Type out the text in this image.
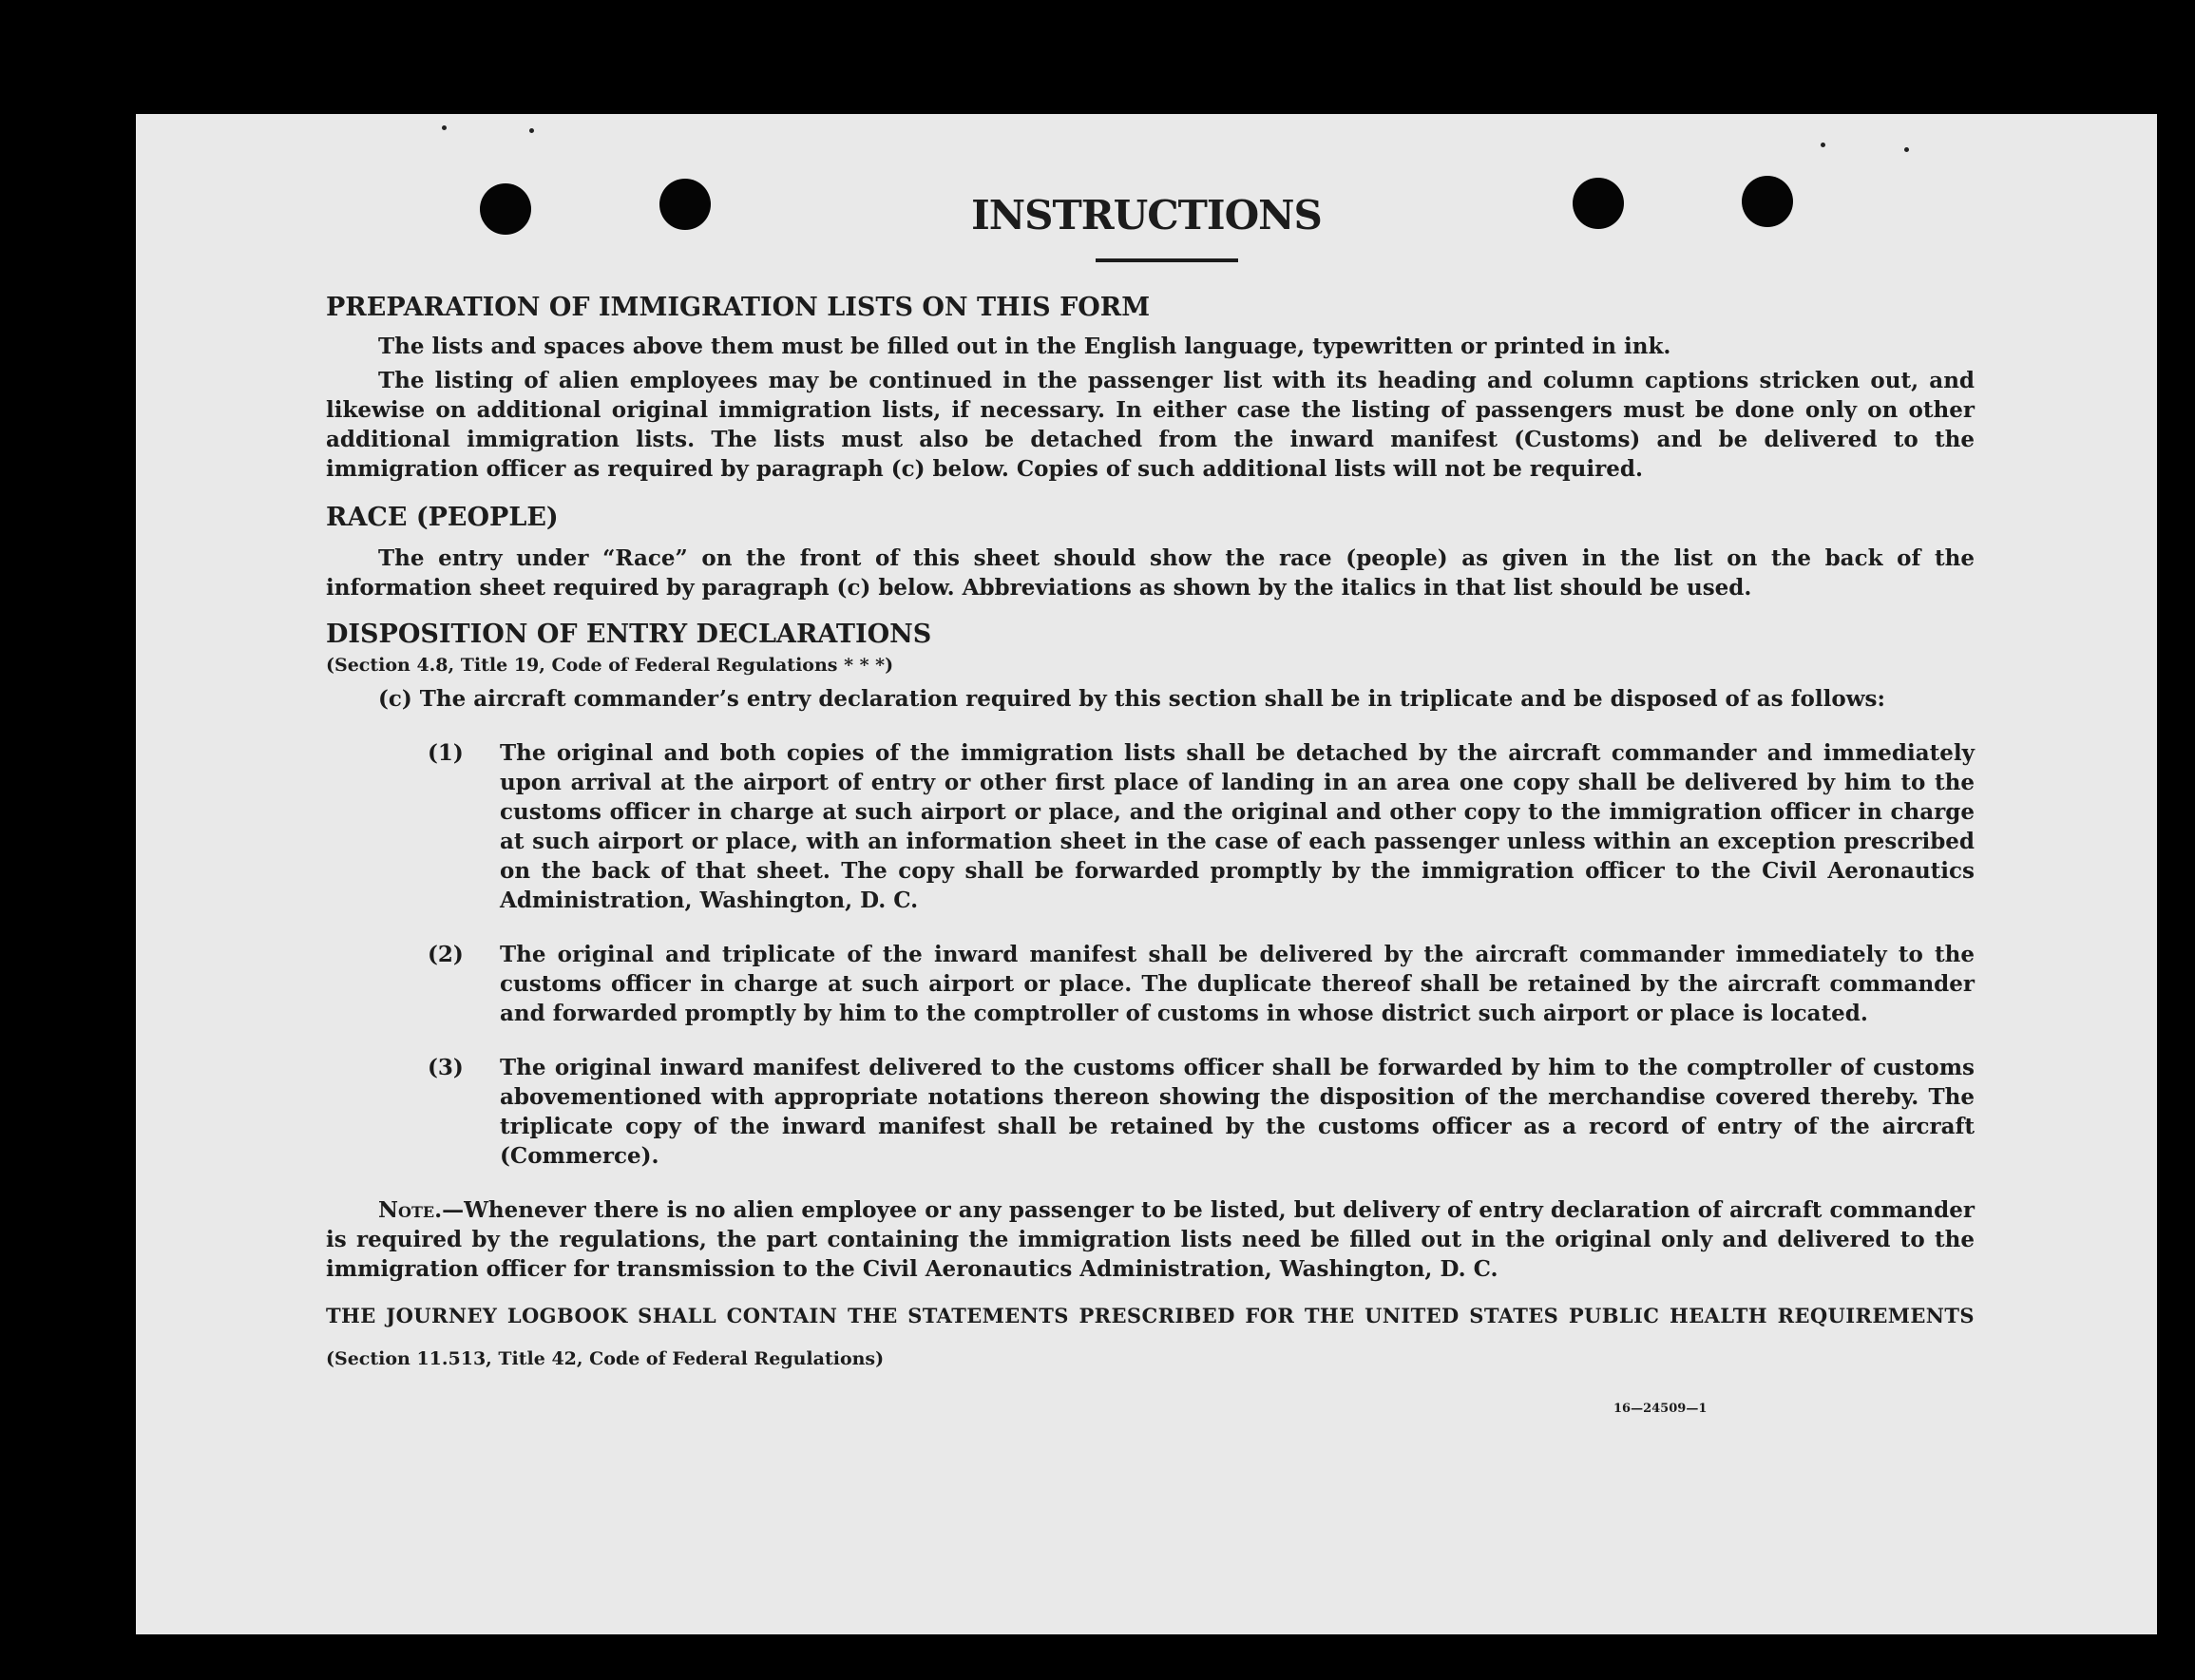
INSTRUCTIONS

PREPARATION OF IMMIGRATION LISTS ON THIS FORM

The lists and spaces above them must be filled out in the English language, typewritten or printed in ink.

The listing of alien employees may be continued in the passenger list with its heading and column captions stricken out, and likewise on additional original immigration lists, if necessary. In either case the listing of passengers must be done only on other additional immigration lists. The lists must also be detached from the inward manifest (Customs) and be delivered to the immigration officer as required by paragraph (c) below. Copies of such additional lists will not be required.

RACE (PEOPLE)

The entry under “Race” on the front of this sheet should show the race (people) as given in the list on the back of the information sheet required by paragraph (c) below. Abbreviations as shown by the italics in that list should be used.

DISPOSITION OF ENTRY DECLARATIONS

(Section 4.8, Title 19, Code of Federal Regulations * * *)

(c) The aircraft commander’s entry declaration required by this section shall be in triplicate and be disposed of as follows:

(1) The original and both copies of the immigration lists shall be detached by the aircraft commander and immediately upon arrival at the airport of entry or other first place of landing in an area one copy shall be delivered by him to the customs officer in charge at such airport or place, and the original and other copy to the immigration officer in charge at such airport or place, with an information sheet in the case of each passenger unless within an exception prescribed on the back of that sheet. The copy shall be forwarded promptly by the immigration officer to the Civil Aeronautics Administration, Washington, D. C.
(2) The original and triplicate of the inward manifest shall be delivered by the aircraft commander immediately to the customs officer in charge at such airport or place. The duplicate thereof shall be retained by the aircraft commander and forwarded promptly by him to the comptroller of customs in whose district such airport or place is located.
(3) The original inward manifest delivered to the customs officer shall be forwarded by him to the comptroller of customs abovementioned with appropriate notations thereon showing the disposition of the merchandise covered thereby. The triplicate copy of the inward manifest shall be retained by the customs officer as a record of entry of the aircraft (Commerce).

Note.—Whenever there is no alien employee or any passenger to be listed, but delivery of entry declaration of aircraft commander is required by the regulations, the part containing the immigration lists need be filled out in the original only and delivered to the immigration officer for transmission to the Civil Aeronautics Administration, Washington, D. C.

THE JOURNEY LOGBOOK SHALL CONTAIN THE STATEMENTS PRESCRIBED FOR THE UNITED STATES PUBLIC HEALTH REQUIREMENTS

(Section 11.513, Title 42, Code of Federal Regulations)

16—24509—1
